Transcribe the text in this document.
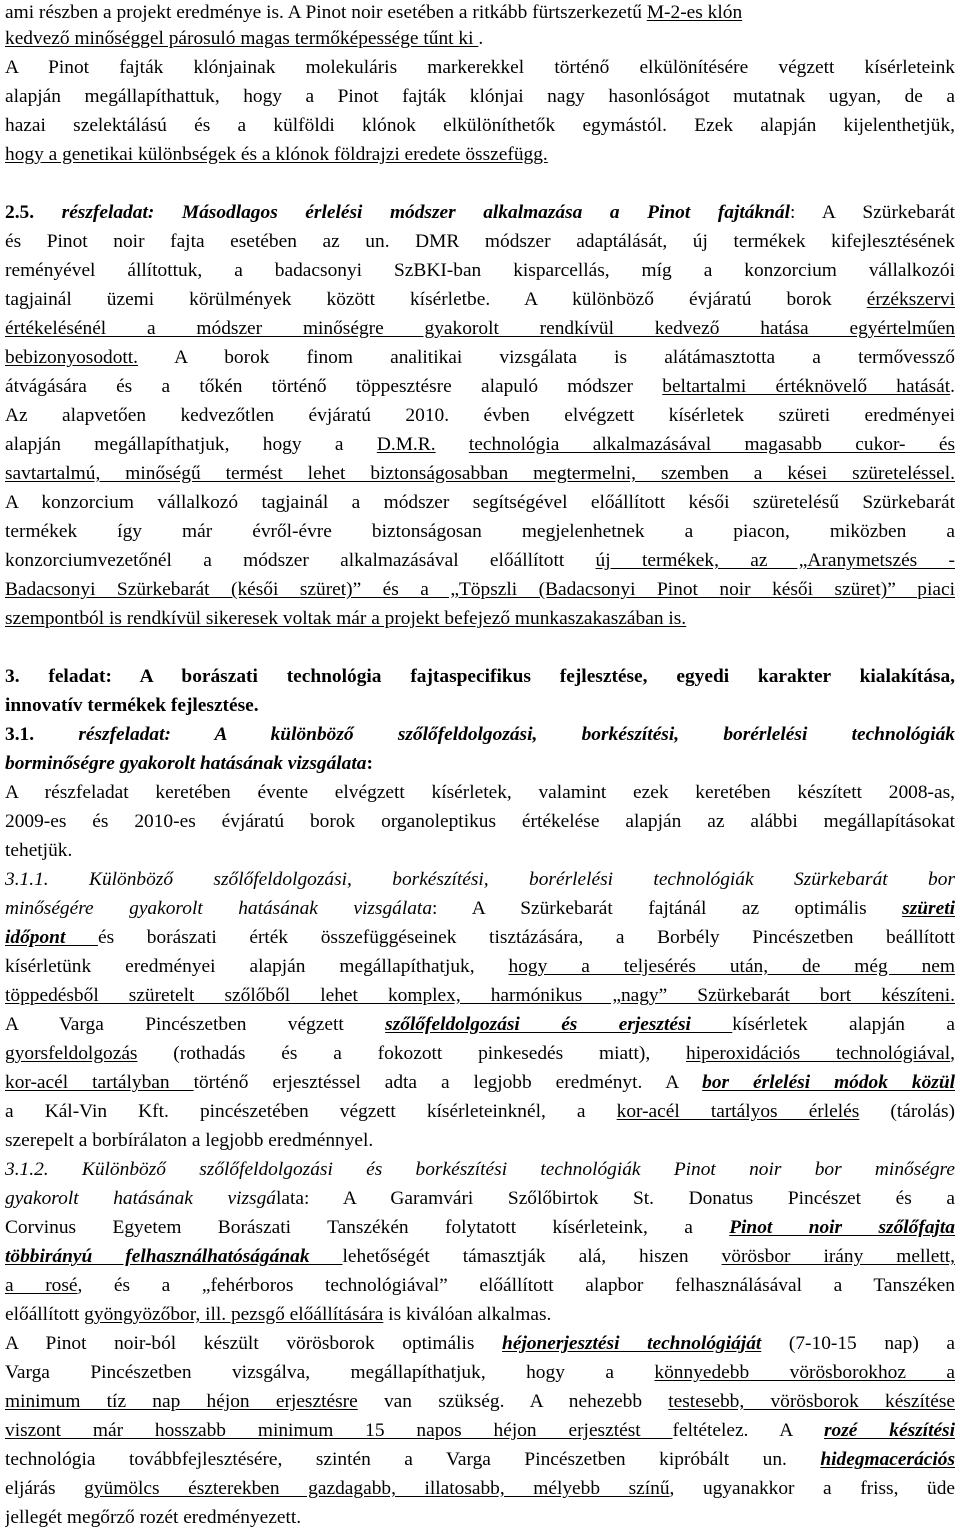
ami részben a projekt eredménye is. A Pinot noir esetében a ritkább fürtszerkezetű M-2-es klón
kedvező minőséggel párosuló magas termőképessége tűnt ki .
A Pinot fajták klónjainak molekuláris markerekkel történő elkülönítésére végzett kísérleteink
alapján megállapíthattuk, hogy a Pinot fajták klónjai nagy hasonlóságot mutatnak ugyan, de a
hazai szelektálású és a külföldi klónok elkülöníthetők egymástól. Ezek alapján kijelenthetjük,
hogy a genetikai különbségek és a klónok földrajzi eredete összefügg.
2.5. részfeladat: Másodlagos érlelési módszer alkalmazása a Pinot fajtáknál: A Szürkebarát
és Pinot noir fajta esetében az un. DMR módszer adaptálását, új termékek kifejlesztésének
reményével állítottuk, a badacsonyi SzBKI-ban kisparcellás, míg a konzorcium vállalkozói
tagjainál üzemi körülmények között kísérletbe. A különböző évjáratú borok érzékszervi
értékelésénél a módszer minőségre gyakorolt rendkívül kedvező hatása egyértelműen
bebizonyosodott. A borok finom analitikai vizsgálata is alátámasztotta a termővessző
átvágására és a tőkén történő töppesztésre alapuló módszer beltartalmi értéknövelő hatását.
Az alapvetően kedvezőtlen évjáratú 2010. évben elvégzett kísérletek szüreti eredményei
alapján megállapíthatjuk, hogy a D.M.R. technológia alkalmazásával magasabb cukor- és
savtartalmú, minőségű termést lehet biztonságosabban megtermelni, szemben a kései szüreteléssel.
A konzorcium vállalkozó tagjainál a módszer segítségével előállított késői szüretelésű Szürkebarát
termékek így már évről-évre biztonságosan megjelenhetnek a piacon, miközben a
konzorciumvezetőnél a módszer alkalmazásával előállított új termékek, az „Aranymetszés -
Badacsonyi Szürkebarát (késői szüret)” és a „Töpszli (Badacsonyi Pinot noir késői szüret)” piaci
szempontból is rendkívül sikeresek voltak már a projekt befejező munkaszakaszában is.
3. feladat: A borászati technológia fajtaspecifikus fejlesztése, egyedi karakter kialakítása,
innovatív termékek fejlesztése.
3.1. részfeladat: A különböző szőlőfeldolgozási, borkészítési, borérlelési technológiák
borminőségre gyakorolt hatásának vizsgálata:
A részfeladat keretében évente elvégzett kísérletek, valamint ezek keretében készített 2008-as,
2009-es és 2010-es évjáratú borok organoleptikus értékelése alapján az alábbi megállapításokat
tehetjük.
3.1.1. Különböző szőlőfeldolgozási, borkészítési, borérlelési technológiák Szürkebarát bor
minőségére gyakorolt hatásának vizsgálata: A Szürkebarát fajtánál az optimális szüreti
időpont és borászati érték összefüggéseinek tisztázására, a Borbély Pincészetben beállított
kísérletünk eredményei alapján megállapíthatjuk, hogy a teljesérés után, de még nem
töppedésből szüretelt szőlőből lehet komplex, harmónikus „nagy” Szürkebarát bort készíteni.
A Varga Pincészetben végzett szőlőfeldolgozási és erjesztési kísérletek alapján a
gyorsfeldolgozás (rothadás és a fokozott pinkesedés miatt), hiperoxidációs technológiával,
kor-acél tartályban történő erjesztéssel adta a legjobb eredményt. A bor érlelési módok közül
a Kál-Vin Kft. pincészetében végzett kísérleteinknél, a kor-acél tartályos érlelés (tárolás)
szerepelt a borbírálaton a legjobb eredménnyel.
3.1.2. Különböző szőlőfeldolgozási és borkészítési technológiák Pinot noir bor minőségre
gyakorolt hatásának vizsgálata: A Garamvári Szőlőbirtok St. Donatus Pincészet és a
Corvinus Egyetem Borászati Tanszékén folytatott kísérleteink, a Pinot noir szőlőfajta
többirányú felhasználhatóságának lehetőségét támasztják alá, hiszen vörösbor irány mellett,
a rosé, és a „fehérboros technológiával” előállított alapbor felhasználásával a Tanszéken
előállított gyöngyözőbor, ill. pezsgő előállítására is kiválóan alkalmas.
A Pinot noir-ból készült vörösborok optimális héjonerjesztési technológiáját (7-10-15 nap) a
Varga Pincészetben vizsgálva, megállapíthatjuk, hogy a könnyedebb vörösborokhoz a
minimum tíz nap héjon erjesztésre van szükség. A nehezebb testesebb, vörösborok készítése
viszont már hosszabb minimum 15 napos héjon erjesztést feltételez. A rozé készítési
technológia továbbfejlesztésére, szintén a Varga Pincészetben kipróbált un. hidegmacerációs
eljárás gyümölcs észterekben gazdagabb, illatosabb, mélyebb színű, ugyanakkor a friss, üde
jellegét megőrző rozét eredményezett.
